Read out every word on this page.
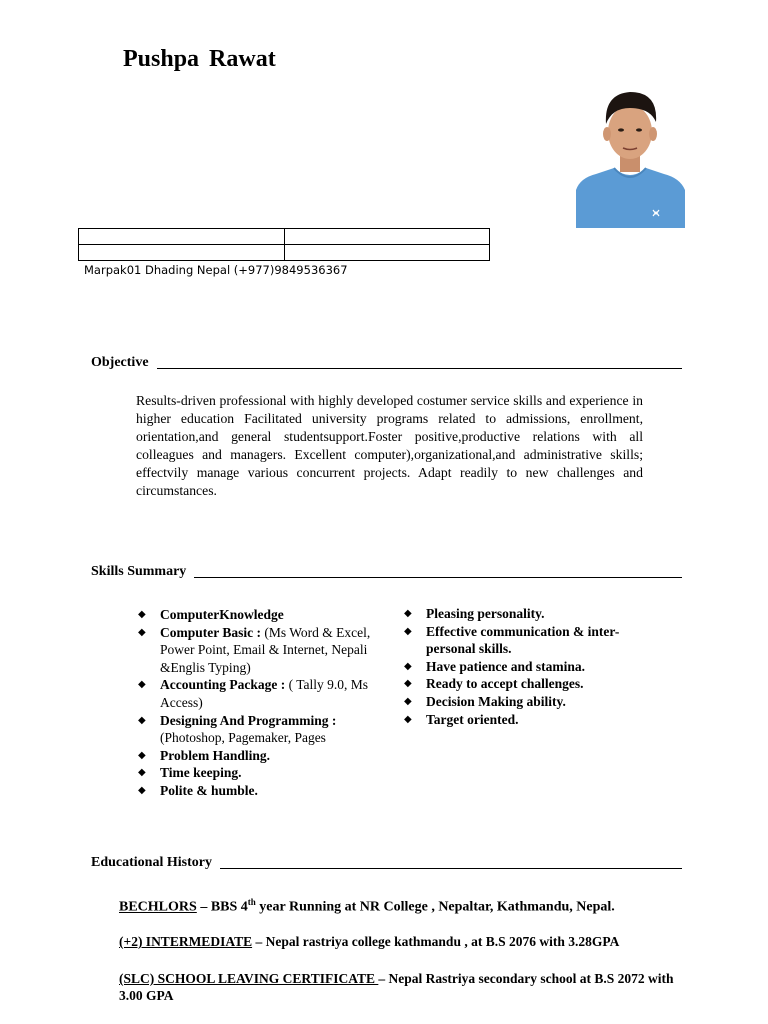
Pushpa Rawat

Marpak01 Dhading Nepal (+977)9849536367
Objective
Results-driven professional with highly developed costumer service skills and experience in higher education Facilitated university programs related to admissions, enrollment, orientation,and general studentsupport.Foster positive,productive relations with all colleagues and managers. Excellent computer),organizational,and administrative skills; effectvily manage various concurrent projects. Adapt readily to new challenges and circumstances.
Skills Summary
◆ ComputerKnowledge
◆ Computer Basic : (Ms Word & Excel, Power Point, Email & Internet, Nepali &Englis Typing)
◆ Accounting Package : ( Tally 9.0, Ms Access)
◆ Designing And Programming : (Photoshop, Pagemaker, Pages
◆ Problem Handling.
◆ Time keeping.
◆ Polite & humble.
◆ Pleasing personality.
◆ Effective communication & inter-personal skills.
◆ Have patience and stamina.
◆ Ready to accept challenges.
◆ Decision Making ability.
◆ Target oriented.
Educational History
BECHLORS – BBS 4th year Running at NR College , Nepaltar, Kathmandu, Nepal.
(+2) INTERMEDIATE – Nepal rastriya college kathmandu , at B.S 2076 with 3.28GPA
(SLC) SCHOOL LEAVING CERTIFICATE – Nepal Rastriya secondary school at B.S 2072 with 3.00 GPA
